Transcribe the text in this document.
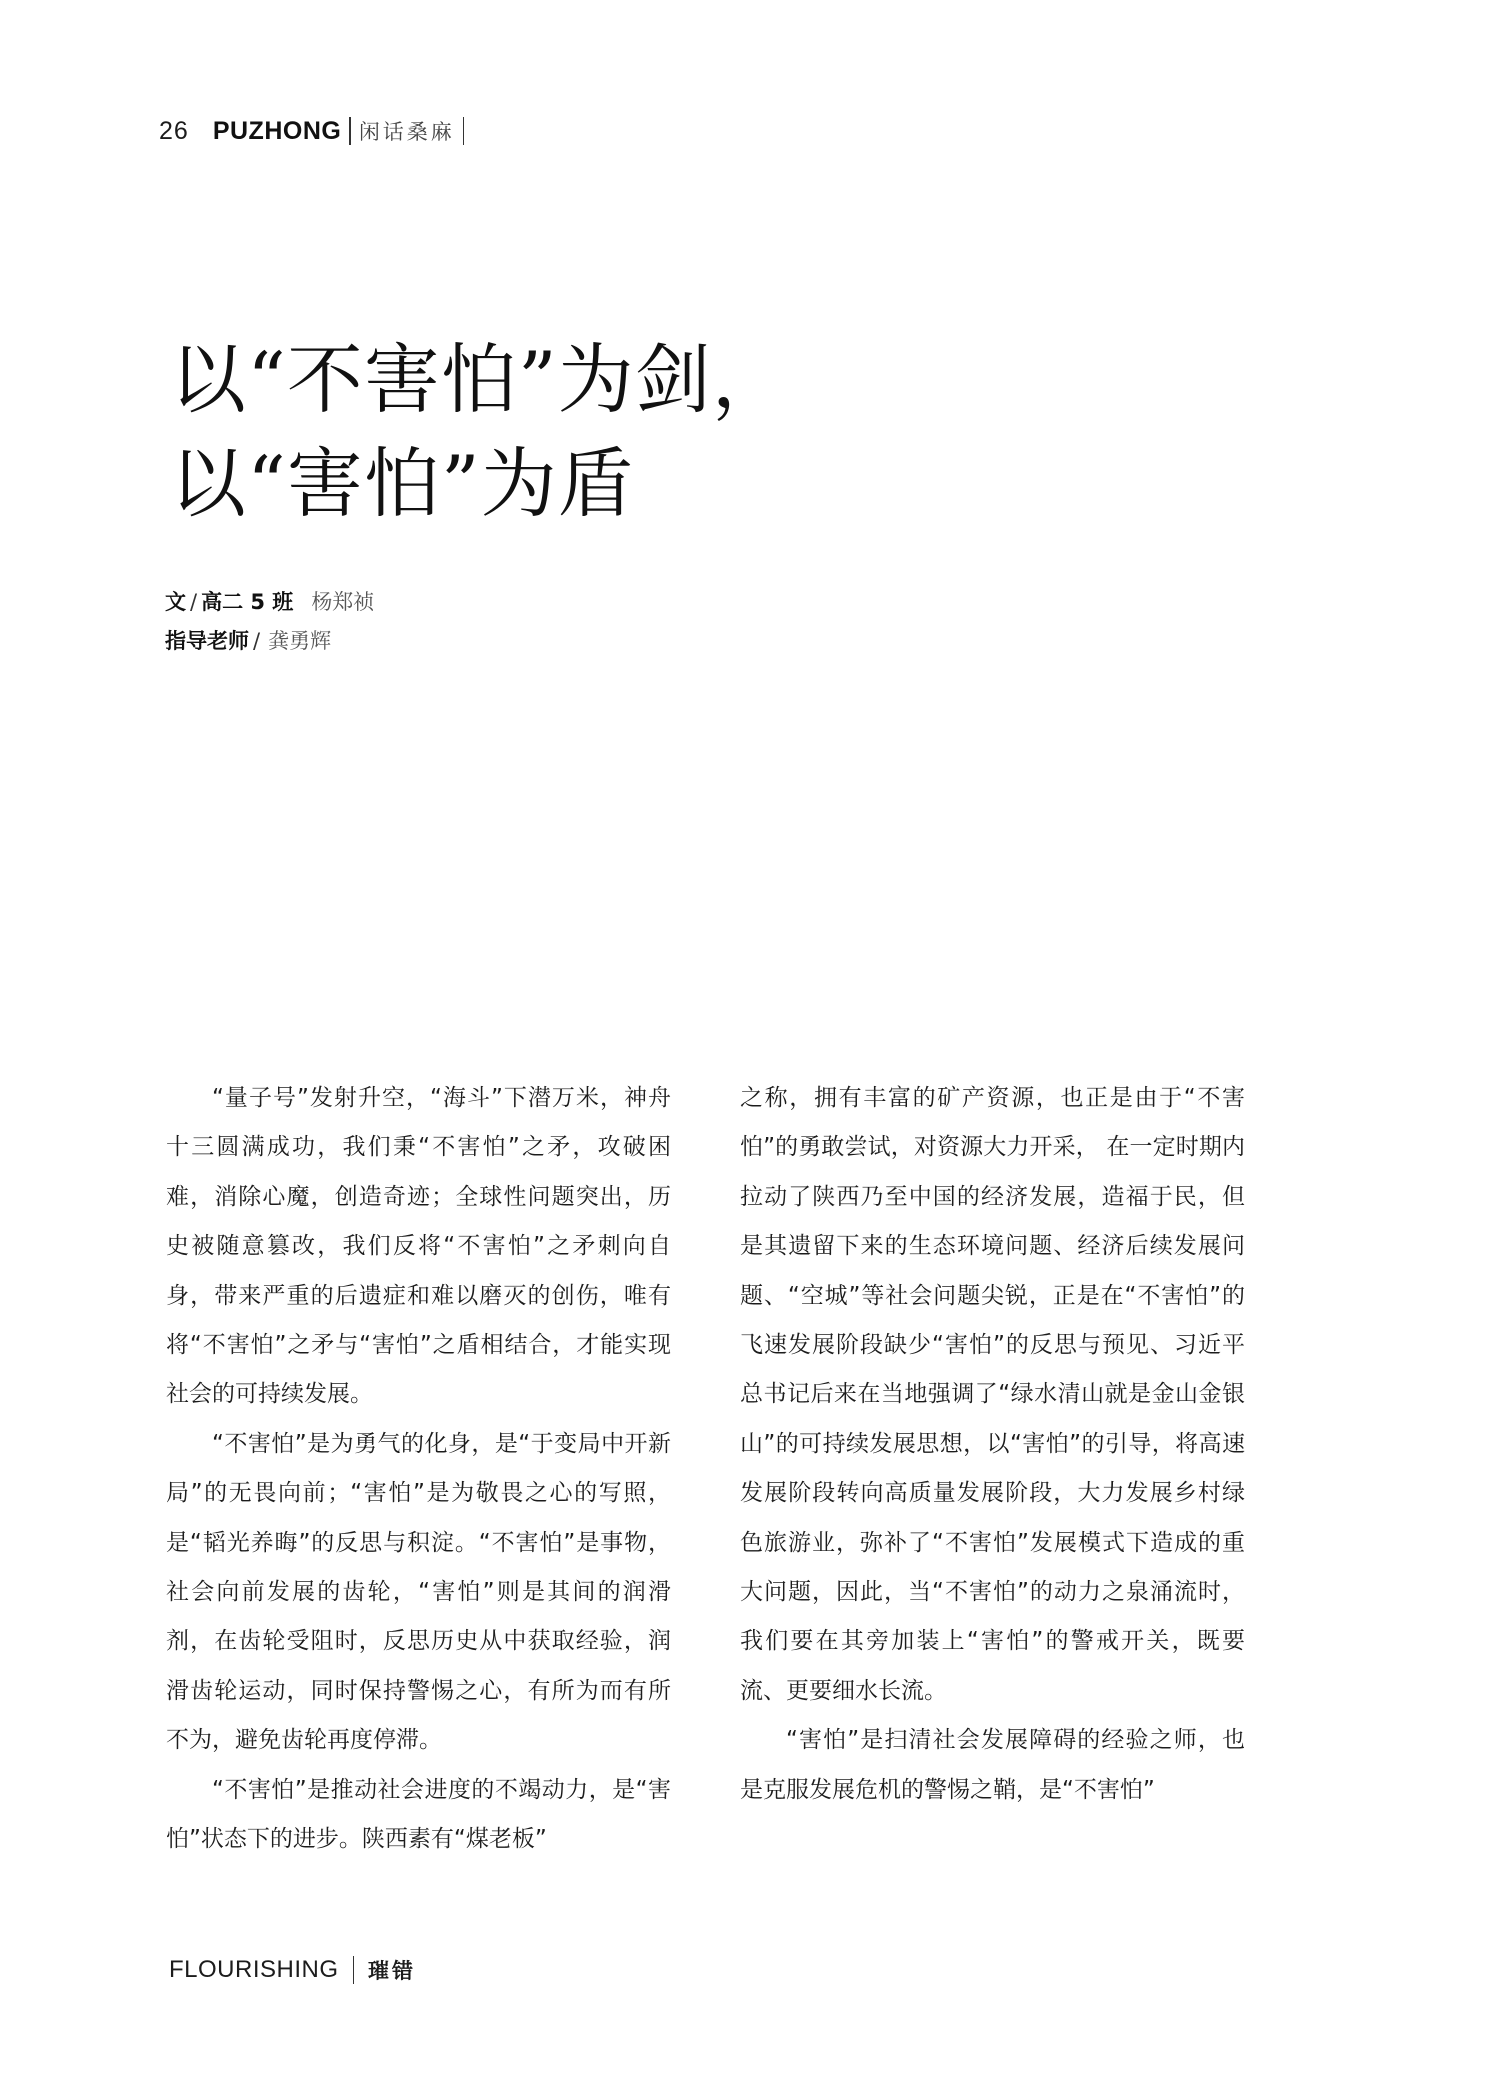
26 PUZHONG 闲话桑麻
以“不害怕”为剑，
以“害怕”为盾
文 / 高二 5 班 杨郑祯
指导老师 / 龚勇辉

“量子号”发射升空，“海斗”下潜万米，神舟十三圆满成功，我们秉“不害怕”之矛，攻破困难，消除心魔，创造奇迹；全球性问题突出，历史被随意篡改，我们反将“不害怕”之矛刺向自身，带来严重的后遗症和难以磨灭的创伤，唯有将“不害怕”之矛与“害怕”之盾相结合，才能实现社会的可持续发展。

“不害怕”是为勇气的化身，是“于变局中开新局”的无畏向前；“害怕”是为敬畏之心的写照，是“韬光养晦”的反思与积淀。“不害怕”是事物，社会向前发展的齿轮，“害怕”则是其间的润滑剂，在齿轮受阻时，反思历史从中获取经验，润滑齿轮运动，同时保持警惕之心，有所为而有所不为，避免齿轮再度停滞。

“不害怕”是推动社会进度的不竭动力，是“害怕”状态下的进步。陕西素有“煤老板”

之称，拥有丰富的矿产资源，也正是由于“不害怕”的勇敢尝试，对资源大力开采， 在一定时期内拉动了陕西乃至中国的经济发展，造福于民，但是其遗留下来的生态环境问题、经济后续发展问题、“空城”等社会问题尖锐，正是在“不害怕”的飞速发展阶段缺少“害怕”的反思与预见、习近平总书记后来在当地强调了“绿水清山就是金山金银山”的可持续发展思想，以“害怕”的引导，将高速发展阶段转向高质量发展阶段，大力发展乡村绿色旅游业，弥补了“不害怕”发展模式下造成的重大问题，因此，当“不害怕”的动力之泉涌流时，我们要在其旁加装上“害怕”的警戒开关，既要流、更要细水长流。

“害怕”是扫清社会发展障碍的经验之师，也是克服发展危机的警惕之鞘，是“不害怕”

FLOURISHING 璀错
